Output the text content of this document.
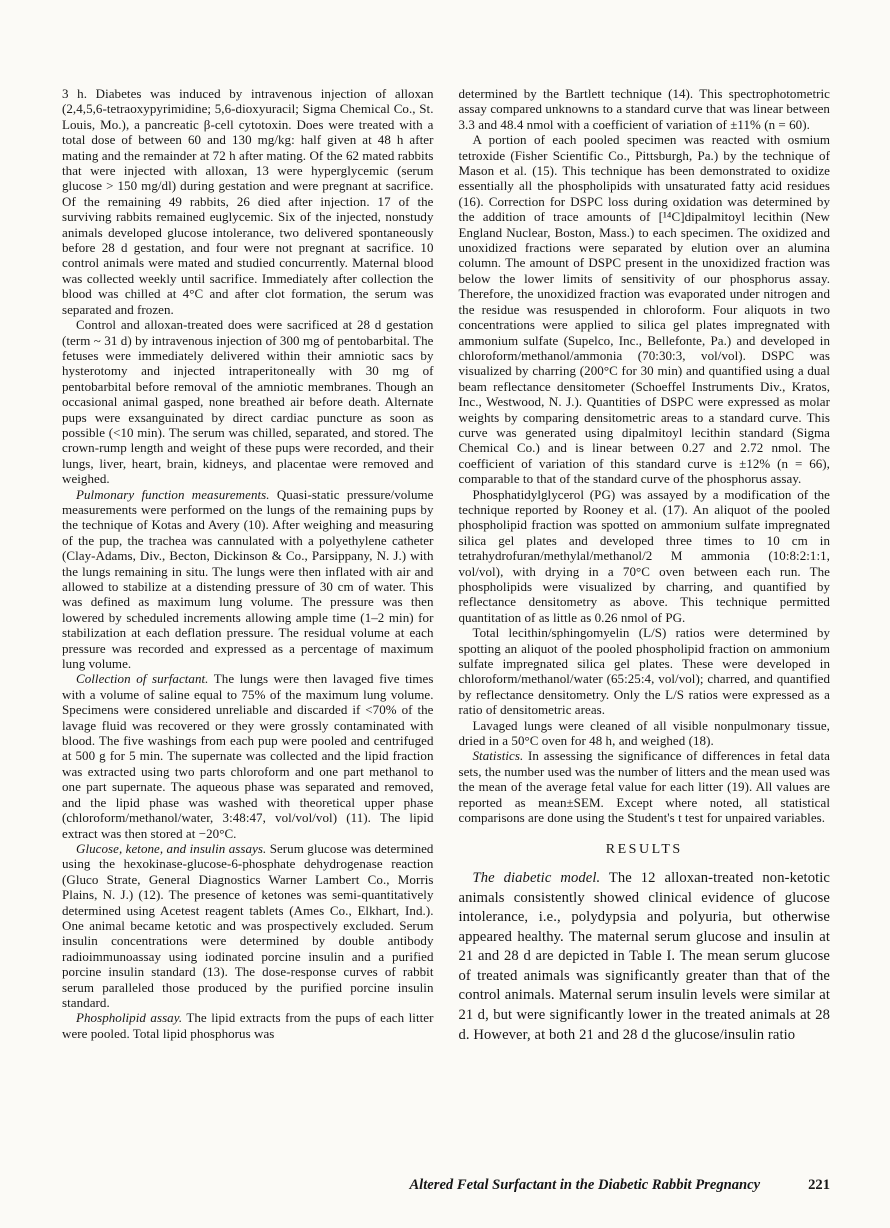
3 h. Diabetes was induced by intravenous injection of alloxan (2,4,5,6-tetraoxypyrimidine; 5,6-dioxyuracil; Sigma Chemical Co., St. Louis, Mo.), a pancreatic β-cell cytotoxin. Does were treated with a total dose of between 60 and 130 mg/kg: half given at 48 h after mating and the remainder at 72 h after mating. Of the 62 mated rabbits that were injected with alloxan, 13 were hyperglycemic (serum glucose > 150 mg/dl) during gestation and were pregnant at sacrifice. Of the remaining 49 rabbits, 26 died after injection. 17 of the surviving rabbits remained euglycemic. Six of the injected, nonstudy animals developed glucose intolerance, two delivered spontaneously before 28 d gestation, and four were not pregnant at sacrifice. 10 control animals were mated and studied concurrently. Maternal blood was collected weekly until sacrifice. Immediately after collection the blood was chilled at 4°C and after clot formation, the serum was separated and frozen.

Control and alloxan-treated does were sacrificed at 28 d gestation (term ~ 31 d) by intravenous injection of 300 mg of pentobarbital. The fetuses were immediately delivered within their amniotic sacs by hysterotomy and injected intraperitoneally with 30 mg of pentobarbital before removal of the amniotic membranes. Though an occasional animal gasped, none breathed air before death. Alternate pups were exsanguinated by direct cardiac puncture as soon as possible (<10 min). The serum was chilled, separated, and stored. The crown-rump length and weight of these pups were recorded, and their lungs, liver, heart, brain, kidneys, and placentae were removed and weighed.

Pulmonary function measurements. Quasi-static pressure/volume measurements were performed on the lungs of the remaining pups by the technique of Kotas and Avery (10). After weighing and measuring of the pup, the trachea was cannulated with a polyethylene catheter (Clay-Adams, Div., Becton, Dickinson & Co., Parsippany, N. J.) with the lungs remaining in situ. The lungs were then inflated with air and allowed to stabilize at a distending pressure of 30 cm of water. This was defined as maximum lung volume. The pressure was then lowered by scheduled increments allowing ample time (1–2 min) for stabilization at each deflation pressure. The residual volume at each pressure was recorded and expressed as a percentage of maximum lung volume.

Collection of surfactant. The lungs were then lavaged five times with a volume of saline equal to 75% of the maximum lung volume. Specimens were considered unreliable and discarded if <70% of the lavage fluid was recovered or they were grossly contaminated with blood. The five washings from each pup were pooled and centrifuged at 500 g for 5 min. The supernate was collected and the lipid fraction was extracted using two parts chloroform and one part methanol to one part supernate. The aqueous phase was separated and removed, and the lipid phase was washed with theoretical upper phase (chloroform/methanol/water, 3:48:47, vol/vol/vol) (11). The lipid extract was then stored at −20°C.

Glucose, ketone, and insulin assays. Serum glucose was determined using the hexokinase-glucose-6-phosphate dehydrogenase reaction (Gluco Strate, General Diagnostics Warner Lambert Co., Morris Plains, N. J.) (12). The presence of ketones was semi-quantitatively determined using Acetest reagent tablets (Ames Co., Elkhart, Ind.). One animal became ketotic and was prospectively excluded. Serum insulin concentrations were determined by double antibody radioimmunoassay using iodinated porcine insulin and a purified porcine insulin standard (13). The dose-response curves of rabbit serum paralleled those produced by the purified porcine insulin standard.

Phospholipid assay. The lipid extracts from the pups of each litter were pooled. Total lipid phosphorus was

determined by the Bartlett technique (14). This spectrophotometric assay compared unknowns to a standard curve that was linear between 3.3 and 48.4 nmol with a coefficient of variation of ±11% (n = 60).

A portion of each pooled specimen was reacted with osmium tetroxide (Fisher Scientific Co., Pittsburgh, Pa.) by the technique of Mason et al. (15). This technique has been demonstrated to oxidize essentially all the phospholipids with unsaturated fatty acid residues (16). Correction for DSPC loss during oxidation was determined by the addition of trace amounts of [¹⁴C]dipalmitoyl lecithin (New England Nuclear, Boston, Mass.) to each specimen. The oxidized and unoxidized fractions were separated by elution over an alumina column. The amount of DSPC present in the unoxidized fraction was below the lower limits of sensitivity of our phosphorus assay. Therefore, the unoxidized fraction was evaporated under nitrogen and the residue was resuspended in chloroform. Four aliquots in two concentrations were applied to silica gel plates impregnated with ammonium sulfate (Supelco, Inc., Bellefonte, Pa.) and developed in chloroform/methanol/ammonia (70:30:3, vol/vol). DSPC was visualized by charring (200°C for 30 min) and quantified using a dual beam reflectance densitometer (Schoeffel Instruments Div., Kratos, Inc., Westwood, N. J.). Quantities of DSPC were expressed as molar weights by comparing densitometric areas to a standard curve. This curve was generated using dipalmitoyl lecithin standard (Sigma Chemical Co.) and is linear between 0.27 and 2.72 nmol. The coefficient of variation of this standard curve is ±12% (n = 66), comparable to that of the standard curve of the phosphorus assay.

Phosphatidylglycerol (PG) was assayed by a modification of the technique reported by Rooney et al. (17). An aliquot of the pooled phospholipid fraction was spotted on ammonium sulfate impregnated silica gel plates and developed three times to 10 cm in tetrahydrofuran/methylal/methanol/2 M ammonia (10:8:2:1:1, vol/vol), with drying in a 70°C oven between each run. The phospholipids were visualized by charring, and quantified by reflectance densitometry as above. This technique permitted quantitation of as little as 0.26 nmol of PG.

Total lecithin/sphingomyelin (L/S) ratios were determined by spotting an aliquot of the pooled phospholipid fraction on ammonium sulfate impregnated silica gel plates. These were developed in chloroform/methanol/water (65:25:4, vol/vol); charred, and quantified by reflectance densitometry. Only the L/S ratios were expressed as a ratio of densitometric areas.

Lavaged lungs were cleaned of all visible nonpulmonary tissue, dried in a 50°C oven for 48 h, and weighed (18).

Statistics. In assessing the significance of differences in fetal data sets, the number used was the number of litters and the mean used was the mean of the average fetal value for each litter (19). All values are reported as mean±SEM. Except where noted, all statistical comparisons are done using the Student's t test for unpaired variables.

RESULTS

The diabetic model. The 12 alloxan-treated non-ketotic animals consistently showed clinical evidence of glucose intolerance, i.e., polydypsia and polyuria, but otherwise appeared healthy. The maternal serum glucose and insulin at 21 and 28 d are depicted in Table I. The mean serum glucose of treated animals was significantly greater than that of the control animals. Maternal serum insulin levels were similar at 21 d, but were significantly lower in the treated animals at 28 d. However, at both 21 and 28 d the glucose/insulin ratio

Altered Fetal Surfactant in the Diabetic Rabbit Pregnancy	221
